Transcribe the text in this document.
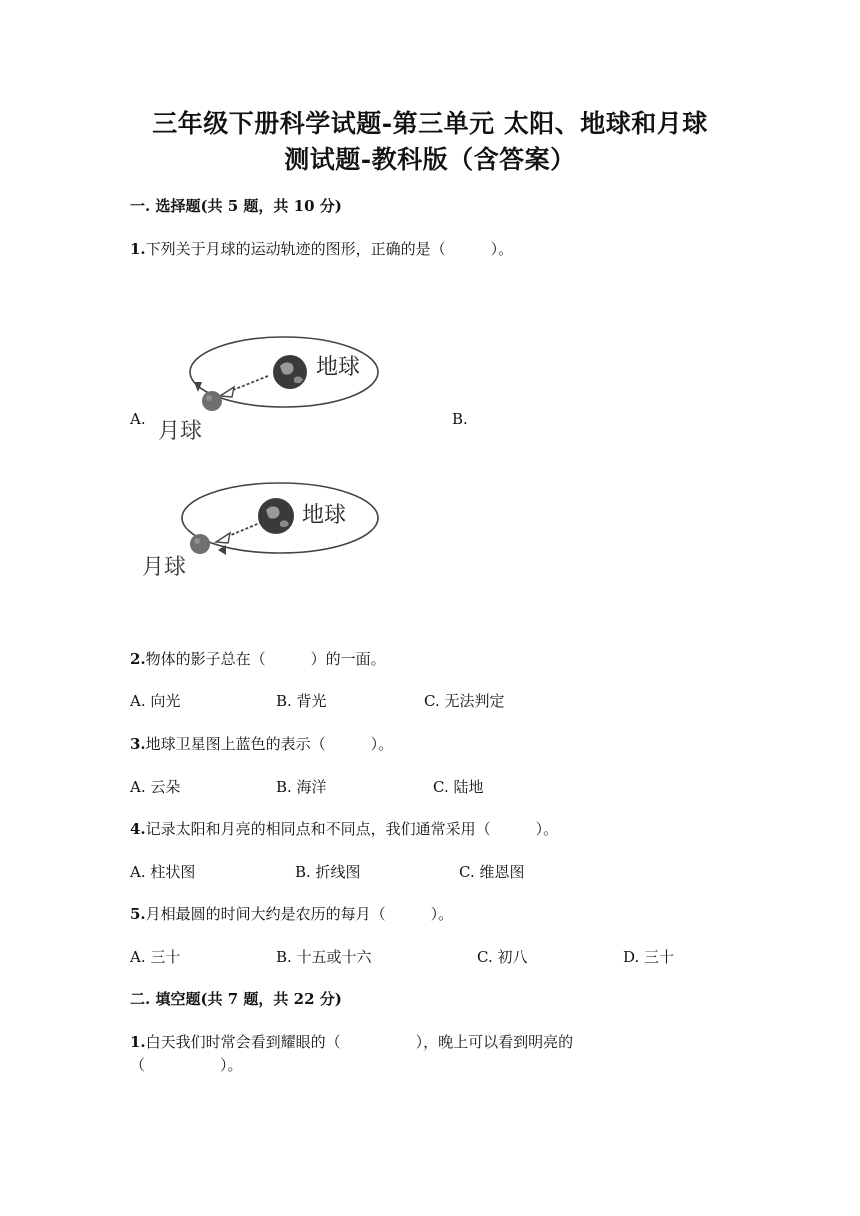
三年级下册科学试题-第三单元 太阳、地球和月球
测试题-教科版（含答案）
一. 选择题(共 5 题，共 10 分)
1.下列关于月球的运动轨迹的图形，正确的是（　　　）。
A.	B.
地球
月球
地球
月球
2.物体的影子总在（　　　）的一面。
A. 向光	B. 背光	C. 无法判定
3.地球卫星图上蓝色的表示（　　　）。
A. 云朵	B. 海洋	C. 陆地
4.记录太阳和月亮的相同点和不同点，我们通常采用（　　　）。
A. 柱状图	B. 折线图	C. 维恩图
5.月相最圆的时间大约是农历的每月（　　　）。
A. 三十	B. 十五或十六	C. 初八	D. 三十
二. 填空题(共 7 题，共 22 分)
1.白天我们时常会看到耀眼的（　　　　　），晚上可以看到明亮的
（　　　　　）。
